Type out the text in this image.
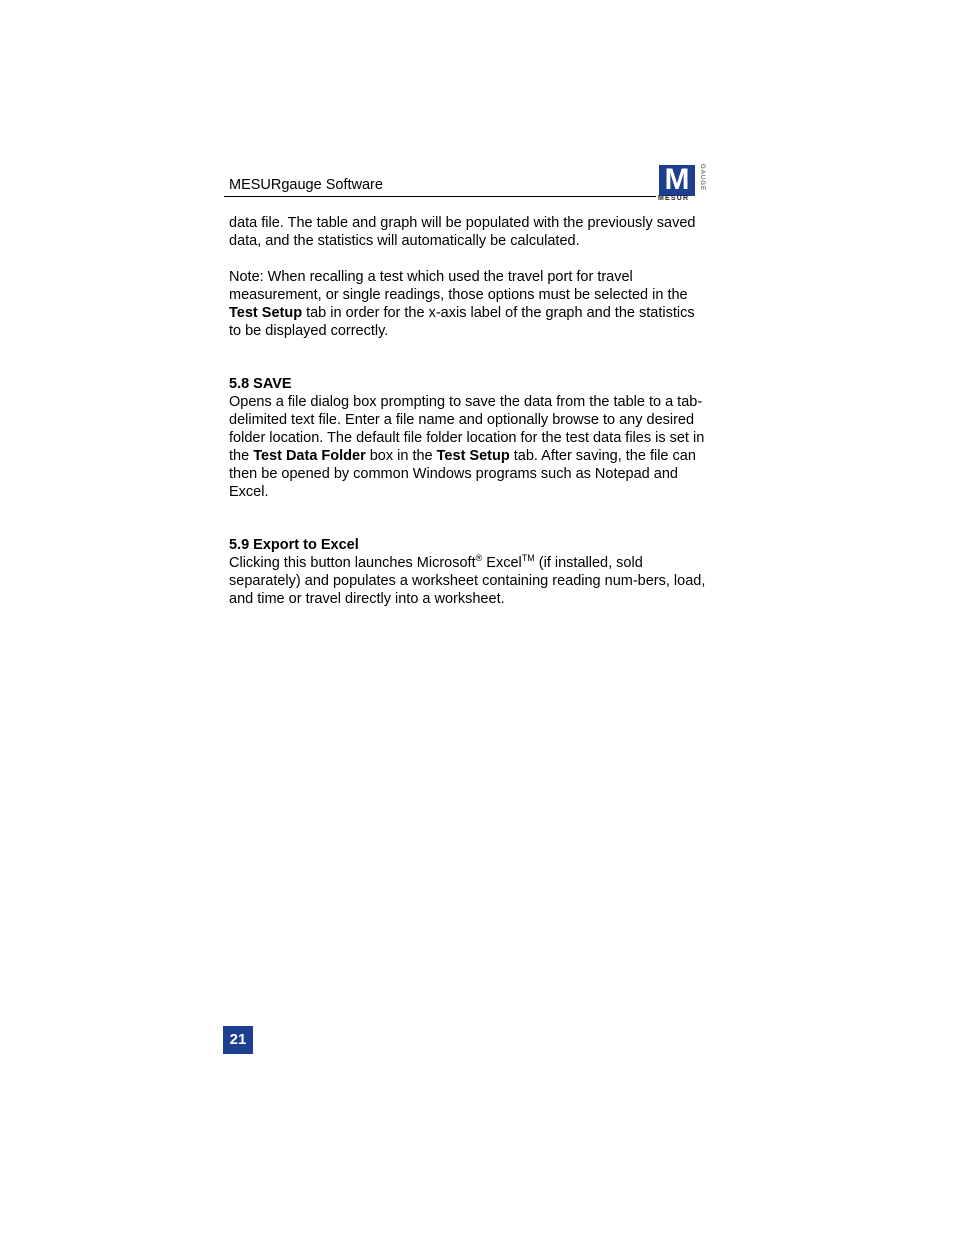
MESURgauge Software	M
MESUR
GAUGE

data file. The table and graph will be populated with the previously saved data, and the statistics will automatically be calculated.

Note: When recalling a test which used the travel port for travel measurement, or single readings, those options must be selected in the Test Setup tab in order for the x-axis label of the graph and the statistics to be displayed correctly.

5.8 SAVE

Opens a file dialog box prompting to save the data from the table to a tab-delimited text file. Enter a file name and optionally browse to any desired folder location. The default file folder location for the test data files is set in the Test Data Folder box in the Test Setup tab. After saving, the file can then be opened by common Windows programs such as Notepad and Excel.

5.9 Export to Excel

Clicking this button launches Microsoft® Excel™ (if installed, sold separately) and populates a worksheet containing reading num-bers, load, and time or travel directly into a worksheet.

21
